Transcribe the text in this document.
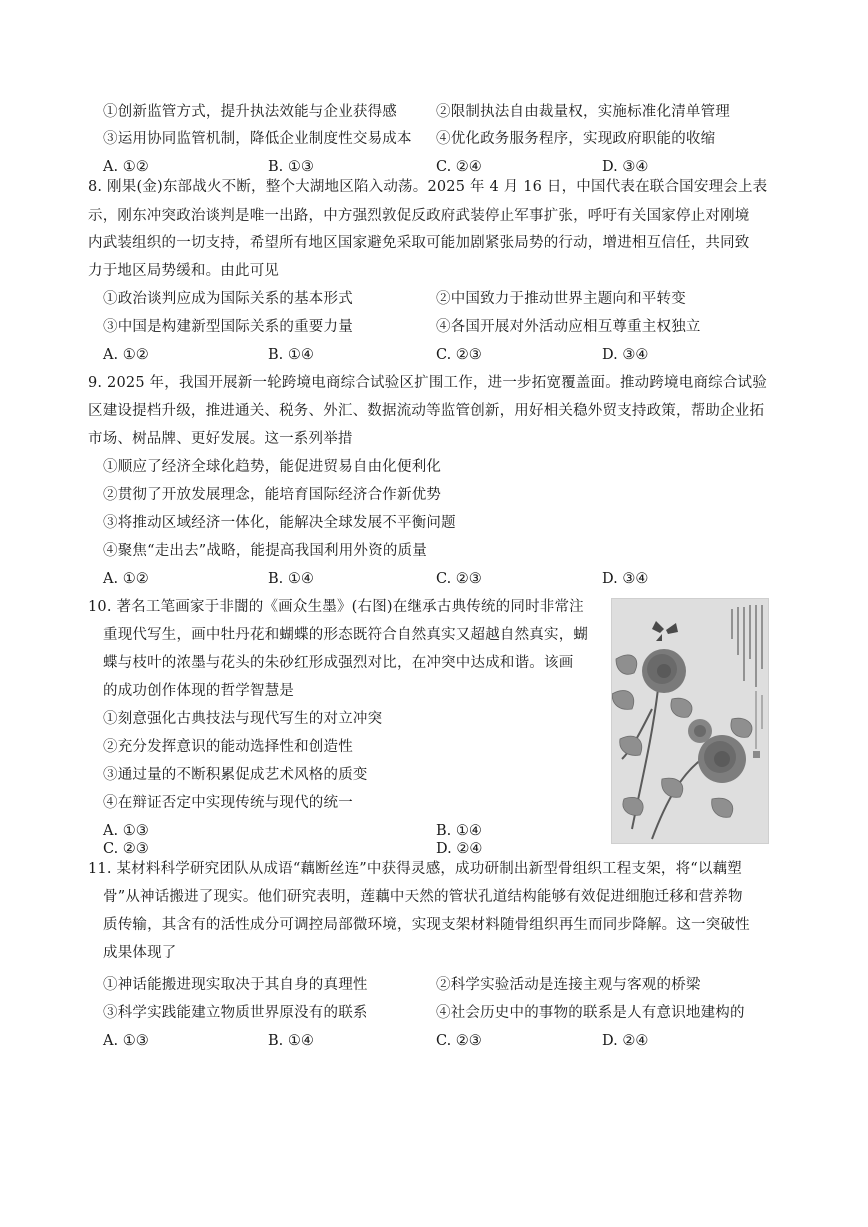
①创新监管方式，提升执法效能与企业获得感	②限制执法自由裁量权，实施标准化清单管理
③运用协同监管机制，降低企业制度性交易成本 ④优化政务服务程序，实现政府职能的收缩
A. ①②	B. ①③	C. ②④	D. ③④
8. 刚果(金)东部战火不断，整个大湖地区陷入动荡。2025 年 4 月 16 日，中国代表在联合国安理会上表
示，刚东冲突政治谈判是唯一出路，中方强烈敦促反政府武装停止军事扩张，呼吁有关国家停止对刚境
内武装组织的一切支持，希望所有地区国家避免采取可能加剧紧张局势的行动，增进相互信任，共同致
力于地区局势缓和。由此可见
①政治谈判应成为国际关系的基本形式	②中国致力于推动世界主题向和平转变
③中国是构建新型国际关系的重要力量	④各国开展对外活动应相互尊重主权独立
A. ①②	B. ①④	C. ②③	D. ③④
9. 2025 年，我国开展新一轮跨境电商综合试验区扩围工作，进一步拓宽覆盖面。推动跨境电商综合试验
区建设提档升级，推进通关、税务、外汇、数据流动等监管创新，用好相关稳外贸支持政策，帮助企业拓
市场、树品牌、更好发展。这一系列举措
①顺应了经济全球化趋势，能促进贸易自由化便利化
②贯彻了开放发展理念，能培育国际经济合作新优势
③将推动区域经济一体化，能解决全球发展不平衡问题
④聚焦“走出去”战略，能提高我国利用外资的质量
A. ①②	B. ①④	C. ②③	D. ③④
10. 著名工笔画家于非闇的《画众生墨》(右图)在继承古典传统的同时非常注
重现代写生，画中牡丹花和蝴蝶的形态既符合自然真实又超越自然真实，蝴
蝶与枝叶的浓墨与花头的朱砂红形成强烈对比，在冲突中达成和谐。该画
的成功创作体现的哲学智慧是
①刻意强化古典技法与现代写生的对立冲突
②充分发挥意识的能动选择性和创造性
③通过量的不断积累促成艺术风格的质变
④在辩证否定中实现传统与现代的统一
A. ①③	B. ①④
C. ②③	D. ②④
11. 某材料科学研究团队从成语“藕断丝连”中获得灵感，成功研制出新型骨组织工程支架，将“以藕塑
骨”从神话搬进了现实。他们研究表明，莲藕中天然的管状孔道结构能够有效促进细胞迁移和营养物
质传输，其含有的活性成分可调控局部微环境，实现支架材料随骨组织再生而同步降解。这一突破性
成果体现了
①神话能搬进现实取决于其自身的真理性	②科学实验活动是连接主观与客观的桥梁
③科学实践能建立物质世界原没有的联系	④社会历史中的事物的联系是人有意识地建构的
A. ①③	B. ①④	C. ②③	D. ②④
